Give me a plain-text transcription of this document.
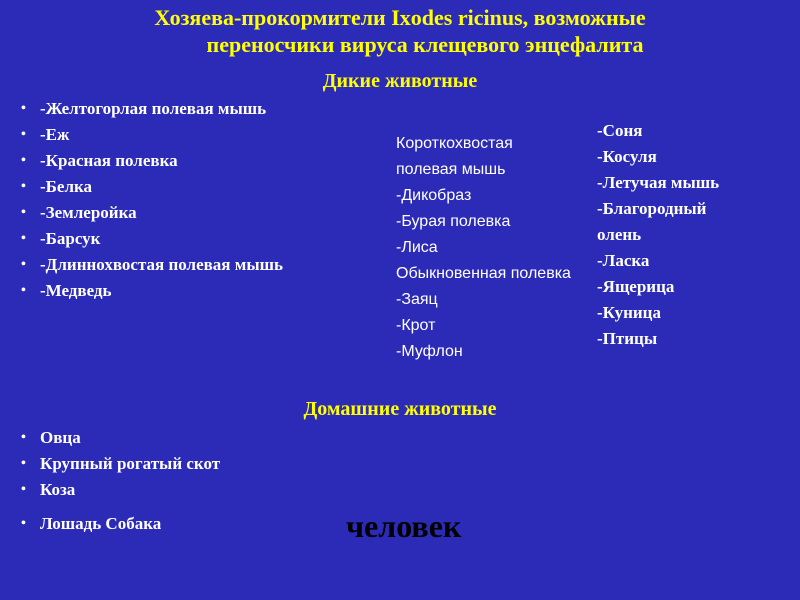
Хозяева-прокормители Ixodes ricinus, возможные
переносчики вируса клещевого энцефалита
Дикие животные
• -Желтогорлая полевая мышь
• -Еж
• -Красная полевка
• -Белка
• -Землеройка
• -Барсук
• -Длиннохвостая полевая мышь
• -Медведь
Короткохвостая полевая мышь
-Дикобраз
-Бурая полевка
-Лиса
Обыкновенная полевка
-Заяц
-Крот
-Муфлон
-Соня
-Косуля
-Летучая мышь
-Благородный олень
-Ласка
-Ящерица
-Куница
-Птицы
Домашние животные
• Овца
• Крупный рогатый скот
• Коза
• Лошадь Собака	человек
